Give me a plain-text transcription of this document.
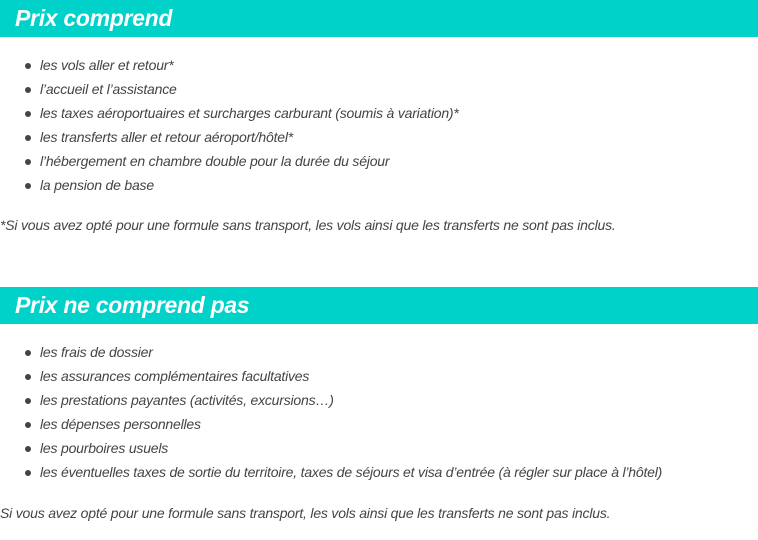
Prix comprend
les vols aller et retour*
l’accueil et l’assistance
les taxes aéroportuaires et surcharges carburant (soumis à variation)*
les transferts aller et retour aéroport/hôtel*
l’hébergement en chambre double pour la durée du séjour
la pension de base
*Si vous avez opté pour une formule sans transport, les vols ainsi que les transferts ne sont pas inclus.
Prix ne comprend pas
les frais de dossier
les assurances complémentaires facultatives
les prestations payantes (activités, excursions…)
les dépenses personnelles
les pourboires usuels
les éventuelles taxes de sortie du territoire, taxes de séjours et visa d’entrée (à régler sur place à l’hôtel)
Si vous avez opté pour une formule sans transport, les vols ainsi que les transferts ne sont pas inclus.
